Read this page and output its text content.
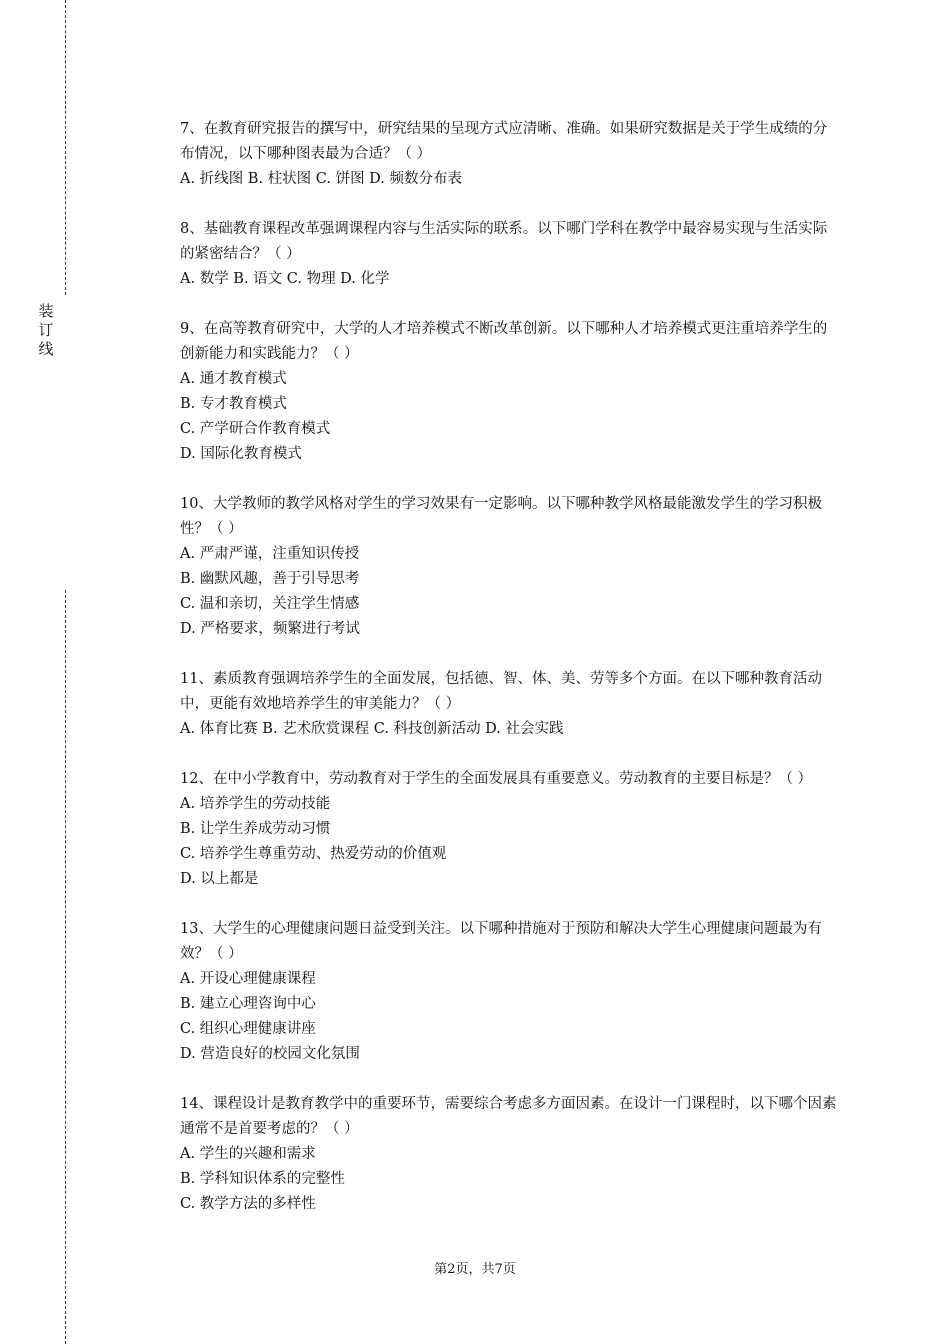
装订线

7、在教育研究报告的撰写中，研究结果的呈现方式应清晰、准确。如果研究数据是关于学生成绩的分布情况，以下哪种图表最为合适？（ ）

A. 折线图 B. 柱状图 C. 饼图 D. 频数分布表

8、基础教育课程改革强调课程内容与生活实际的联系。以下哪门学科在教学中最容易实现与生活实际的紧密结合？（ ）

A. 数学 B. 语文 C. 物理 D. 化学

9、在高等教育研究中，大学的人才培养模式不断改革创新。以下哪种人才培养模式更注重培养学生的创新能力和实践能力？（ ）

A. 通才教育模式

B. 专才教育模式

C. 产学研合作教育模式

D. 国际化教育模式

10、大学教师的教学风格对学生的学习效果有一定影响。以下哪种教学风格最能激发学生的学习积极性？（ ）

A. 严肃严谨，注重知识传授

B. 幽默风趣，善于引导思考

C. 温和亲切，关注学生情感

D. 严格要求，频繁进行考试

11、素质教育强调培养学生的全面发展，包括德、智、体、美、劳等多个方面。在以下哪种教育活动中，更能有效地培养学生的审美能力？（ ）

A. 体育比赛 B. 艺术欣赏课程 C. 科技创新活动 D. 社会实践

12、在中小学教育中，劳动教育对于学生的全面发展具有重要意义。劳动教育的主要目标是？（ ）

A. 培养学生的劳动技能

B. 让学生养成劳动习惯

C. 培养学生尊重劳动、热爱劳动的价值观

D. 以上都是

13、大学生的心理健康问题日益受到关注。以下哪种措施对于预防和解决大学生心理健康问题最为有效？（ ）

A. 开设心理健康课程

B. 建立心理咨询中心

C. 组织心理健康讲座

D. 营造良好的校园文化氛围

14、课程设计是教育教学中的重要环节，需要综合考虑多方面因素。在设计一门课程时，以下哪个因素通常不是首要考虑的？（ ）

A. 学生的兴趣和需求

B. 学科知识体系的完整性

C. 教学方法的多样性

第2页，共7页
